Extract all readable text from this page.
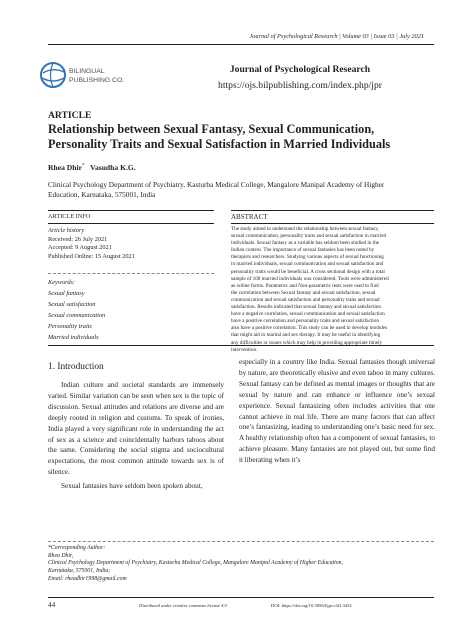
Journal of Psychological Research | Volume 03 | Issue 03 | July 2021
BILINGUAL
PUBLISHING CO.
Journal of Psychological Research
https://ojs.bilpublishing.com/index.php/jpr
ARTICLE
Relationship between Sexual Fantasy, Sexual Communication,
Personality Traits and Sexual Satisfaction in Married Individuals
Rhea Dhir* Vasudha K.G.
Clinical Psychology Department of Psychiatry, Kasturba Medical College, Mangalore Manipal Academy of Higher
Education, Karnataka, 575001, India
ARTICLE INFO	ABSTRACT
Article history
Received: 26 July 2021
Accepted: 9 August 2021
Published Online: 15 August 2021
Keywords:
Sexual fantasy
Sexual satisfaction
Sexual communication
Personality traits
Married individuals
The study aimed to understand the relationship between sexual fantasy,
sexual communication, personality traits and sexual satisfaction in married
individuals. Sexual fantasy as a variable has seldom been studied in the
Indian context. The importance of sexual fantasies has been noted by
therapists and researchers. Studying various aspects of sexual functioning
in married individuals, sexual communication and sexual satisfaction and
personality traits would be beneficial. A cross sectional design with a total
sample of 100 married individuals was considered. Tools were administered
as online forms. Parametric and Non-parametric tests were used to find
the correlation between Sexual fantasy and sexual satisfaction, sexual
communication and sexual satisfaction and personality traits and sexual
satisfaction. Results indicated that sexual fantasy and sexual satisfaction
have a negative correlation, sexual communication and sexual satisfaction
have a positive correlation and personality traits and sexual satisfaction
also have a positive correlation. This study can be used to develop modules
that might aid in marital and sex therapy. It may be useful in identifying
any difficulties or issues which may help in providing appropriate timely
intervention.
1. Introduction

Indian culture and societal standards are immensely varied. Similar variation can be seen when sex is the topic of discussion. Sexual attitudes and relations are diverse and are deeply rooted in religion and customs. To speak of ironies, India played a very significant role in understanding the act of sex as a science and coincidentally harbors taboos about the same. Considering the social stigma and sociocultural expectations, the most common attitude towards sex is of silence.

Sexual fantasies have seldom been spoken about,

especially in a country like India. Sexual fantasies though universal by nature, are theoretically elusive and even taboo in many cultures. Sexual fantasy can be defined as mental images or thoughts that are sexual by nature and can enhance or influence one’s sexual experience. Sexual fantasizing often includes activities that one cannot achieve in real life. There are many factors that can affect one’s fantasizing, leading to understanding one’s basic need for sex. A healthy relationship often has a component of sexual fantasies, to achieve pleasure. Many fantasies are not played out, but some find it liberating when it’s

*Corresponding Author:
Rhea Dhir,
Clinical Psychology Department of Psychiatry, Kasturba Medical College, Mangalore Manipal Academy of Higher Education,
Karnataka, 575001, India;
Email: rheadhir1998@gmail.com
44	Distributed under creative commons license 4.0	DOI: https://doi.org/10.30564/jpr.v3i3.3452
